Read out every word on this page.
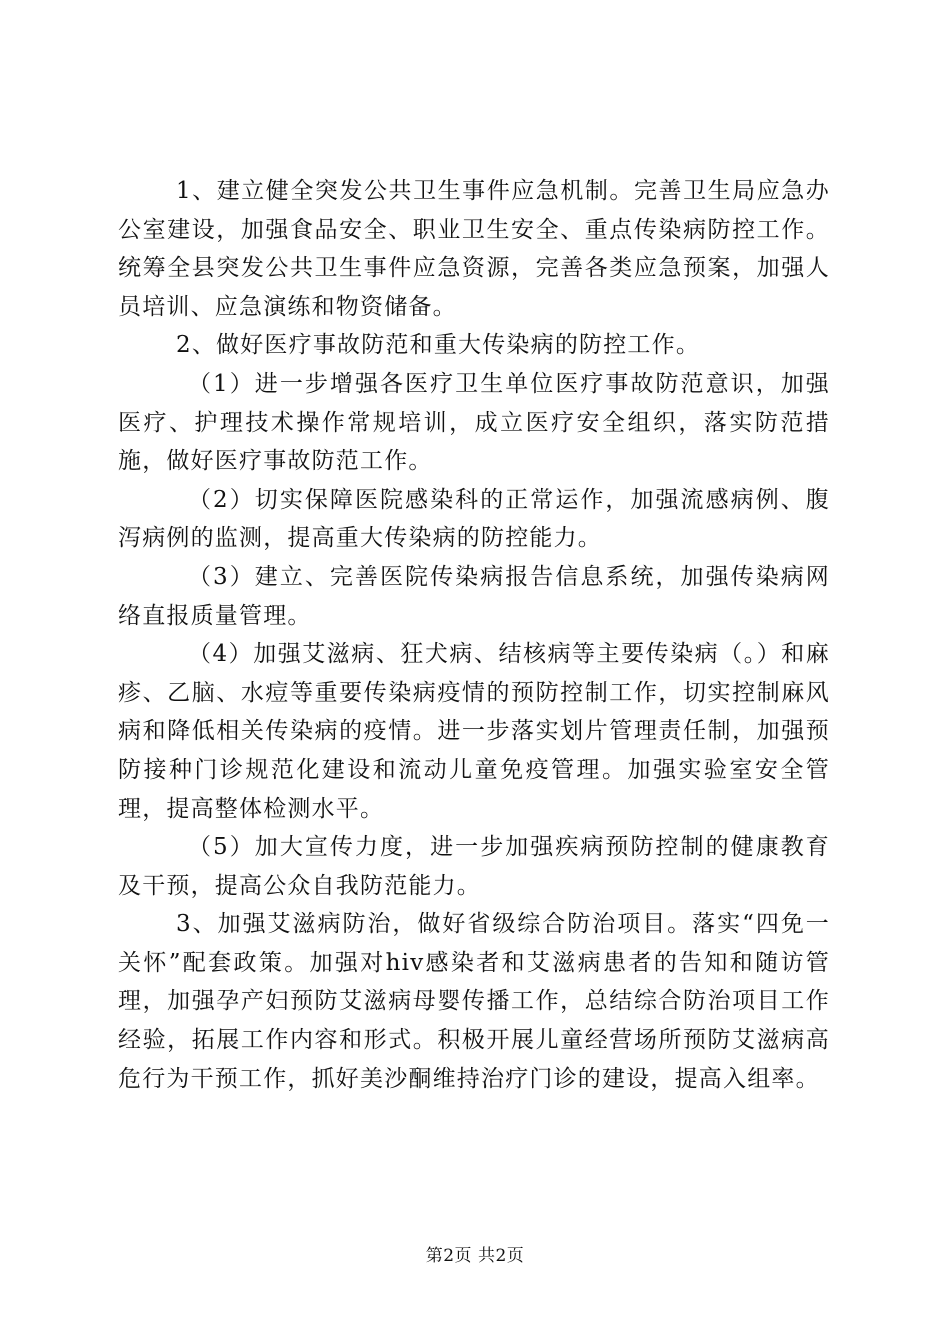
1、建立健全突发公共卫生事件应急机制。完善卫生局应急办公室建设，加强食品安全、职业卫生安全、重点传染病防控工作。统筹全县突发公共卫生事件应急资源，完善各类应急预案，加强人员培训、应急演练和物资储备。

2、做好医疗事故防范和重大传染病的防控工作。

（1）进一步增强各医疗卫生单位医疗事故防范意识，加强医疗、护理技术操作常规培训，成立医疗安全组织，落实防范措施，做好医疗事故防范工作。

（2）切实保障医院感染科的正常运作，加强流感病例、腹泻病例的监测，提高重大传染病的防控能力。

（3）建立、完善医院传染病报告信息系统，加强传染病网络直报质量管理。

（4）加强艾滋病、狂犬病、结核病等主要传染病（。）和麻疹、乙脑、水痘等重要传染病疫情的预防控制工作，切实控制麻风病和降低相关传染病的疫情。进一步落实划片管理责任制，加强预防接种门诊规范化建设和流动儿童免疫管理。加强实验室安全管理，提高整体检测水平。

（5）加大宣传力度，进一步加强疾病预防控制的健康教育及干预，提高公众自我防范能力。

3、加强艾滋病防治，做好省级综合防治项目。落实“四免一关怀”配套政策。加强对hiv感染者和艾滋病患者的告知和随访管理，加强孕产妇预防艾滋病母婴传播工作，总结综合防治项目工作经验，拓展工作内容和形式。积极开展儿童经营场所预防艾滋病高危行为干预工作，抓好美沙酮维持治疗门诊的建设，提高入组率。

第2页 共2页
